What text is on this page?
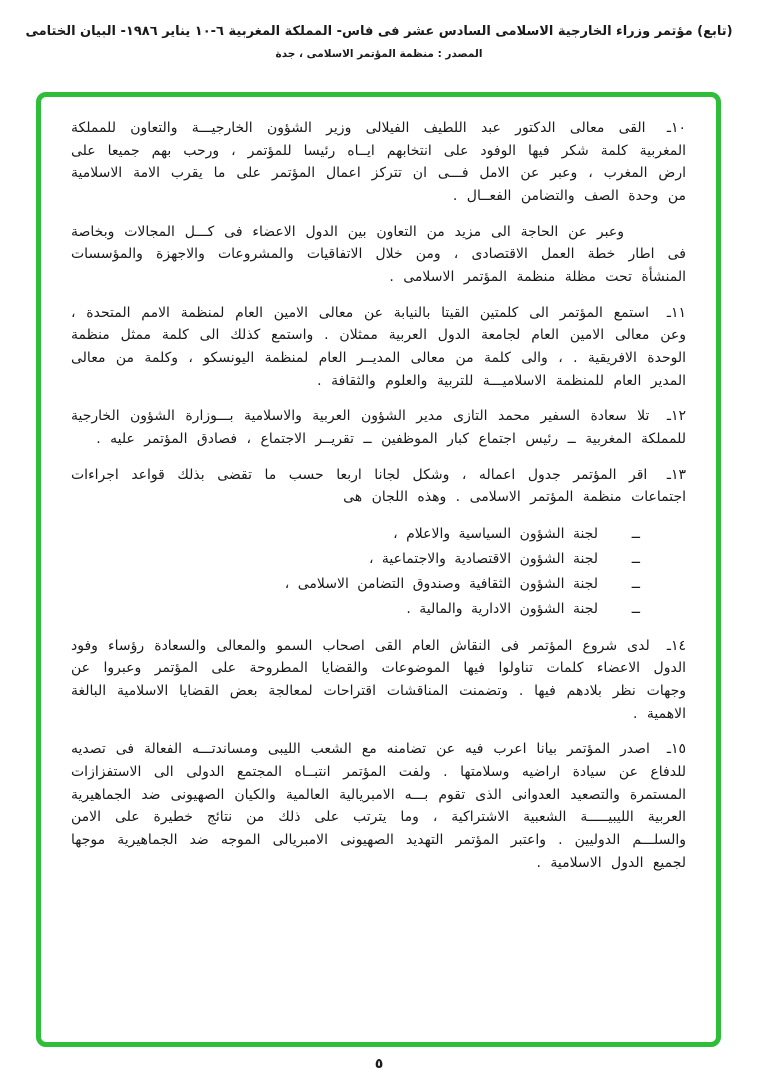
(تابع) مؤتمر وزراء الخارجية الاسلامى السادس عشر فى فاس- المملكة المغربية ٦-١٠ يناير ١٩٨٦- البيان الختامى
المصدر : منظمة المؤتمر الاسلامى ، جدة

١٠ـ القى معالى الدكتور عبد اللطيف الفيلالى وزير الشؤون الخارجيـــة والتعاون للمملكة المغربية كلمة شكر فيها الوفود على انتخابهم ايــاه رئيسا للمؤتمر ، ورحب بهم جميعا على ارض المغرب ، وعبر عن الامل فـــى ان تتركز اعمال المؤتمر على ما يقرب الامة الاسلامية من وحدة الصف والتضامن الفعــال .

وعبر عن الحاجة الى مزيد من التعاون بين الدول الاعضاء فى كـــل المجالات وبخاصة فى اطار خطة العمل الاقتصادى ، ومن خلال الاتفاقيات والمشروعات والاجهزة والمؤسسات المنشأة تحت مظلة منظمة المؤتمر الاسلامى .

١١ـ استمع المؤتمر الى كلمتين القيتا بالنيابة عن معالى الامين العام لمنظمة الامم المتحدة ، وعن معالى الامين العام لجامعة الدول العربية ممثلان . واستمع كذلك الى كلمة ممثل منظمة الوحدة الافريقية . ، والى كلمة من معالى المديــر العام لمنظمة اليونسكو ، وكلمة من معالى المدير العام للمنظمة الاسلاميـــة للتربية والعلوم والثقافة .

١٢ـ تلا سعادة السفير محمد التازى مدير الشؤون العربية والاسلامية بـــوزارة الشؤون الخارجية للمملكة المغربية ــ رئيس اجتماع كبار الموظفين ــ تقريــر الاجتماع ، فصادق المؤتمر عليه .

١٣ـ اقر المؤتمر جدول اعماله ، وشكل لجانا اربعا حسب ما تقضى بذلك قواعد اجراءات اجتماعات منظمة المؤتمر الاسلامى . وهذه اللجان هى

ــ
لجنة الشؤون السياسية والاعلام ،
ــ
لجنة الشؤون الاقتصادية والاجتماعية ،
ــ
لجنة الشؤون الثقافية وصندوق التضامن الاسلامى ،
ــ
لجنة الشؤون الادارية والمالية .

١٤ـ لدى شروع المؤتمر فى النقاش العام القى اصحاب السمو والمعالى والسعادة رؤساء وفود الدول الاعضاء كلمات تناولوا فيها الموضوعات والقضايا المطروحة على المؤتمر وعبروا عن وجهات نظر بلادهم فيها . وتضمنت المناقشات اقتراحات لمعالجة بعض القضايا الاسلامية البالغة الاهمية .

١٥ـ اصدر المؤتمر بيانا اعرب فيه عن تضامنه مع الشعب الليبى ومساندتـــه الفعالة فى تصديه للدفاع عن سيادة اراضيه وسلامتها . ولفت المؤتمر انتبــاه المجتمع الدولى الى الاستفزازات المستمرة والتصعيد العدوانى الذى تقوم بـــه الامبريالية العالمية والكيان الصهيونى ضد الجماهيرية العربية الليبيـــــة الشعبية الاشتراكية ، وما يترتب على ذلك من نتائج خطيرة على الامن والسلـــم الدوليين . واعتبر المؤتمر التهديد الصهيونى الامبريالى الموجه ضد الجماهيرية موجها لجميع الدول الاسلامية .

٥
